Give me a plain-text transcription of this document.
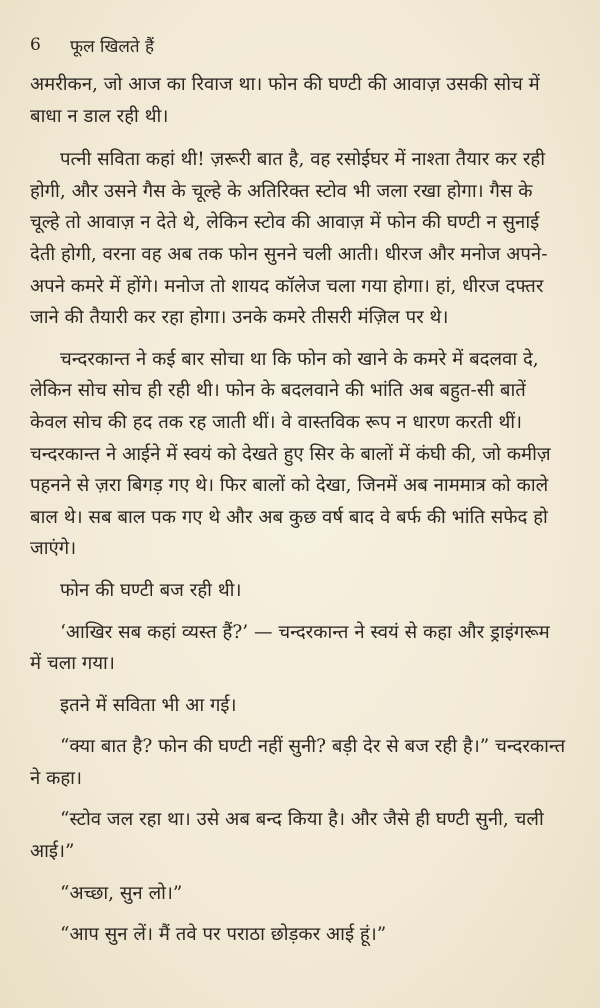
6	फूल खिलते हैं

अमरीकन, जो आज का रिवाज था। फोन की घण्टी की आवाज़ उसकी सोच में बाधा न डाल रही थी।

पत्नी सविता कहां थी! ज़रूरी बात है, वह रसोईघर में नाश्ता तैयार कर रही होगी, और उसने गैस के चूल्हे के अतिरिक्त स्टोव भी जला रखा होगा। गैस के चूल्हे तो आवाज़ न देते थे, लेकिन स्टोव की आवाज़ में फोन की घण्टी न सुनाई देती होगी, वरना वह अब तक फोन सुनने चली आती। धीरज और मनोज अपने-अपने कमरे में होंगे। मनोज तो शायद कॉलेज चला गया होगा। हां, धीरज दफ्तर जाने की तैयारी कर रहा होगा। उनके कमरे तीसरी मंज़िल पर थे।

चन्दरकान्त ने कई बार सोचा था कि फोन को खाने के कमरे में बदलवा दे, लेकिन सोच सोच ही रही थी। फोन के बदलवाने की भांति अब बहुत-सी बातें केवल सोच की हद तक रह जाती थीं। वे वास्तविक रूप न धारण करती थीं। चन्दरकान्त ने आईने में स्वयं को देखते हुए सिर के बालों में कंघी की, जो कमीज़ पहनने से ज़रा बिगड़ गए थे। फिर बालों को देखा, जिनमें अब नाममात्र को काले बाल थे। सब बाल पक गए थे और अब कुछ वर्ष बाद वे बर्फ की भांति सफेद हो जाएंगे।

फोन की घण्टी बज रही थी।

‘आखिर सब कहां व्यस्त हैं?’ — चन्दरकान्त ने स्वयं से कहा और ड्राइंगरूम में चला गया।

इतने में सविता भी आ गई।

“क्या बात है? फोन की घण्टी नहीं सुनी? बड़ी देर से बज रही है।” चन्दरकान्त ने कहा।

“स्टोव जल रहा था। उसे अब बन्द किया है। और जैसे ही घण्टी सुनी, चली आई।”

“अच्छा, सुन लो।”

“आप सुन लें। मैं तवे पर पराठा छोड़कर आई हूं।”
